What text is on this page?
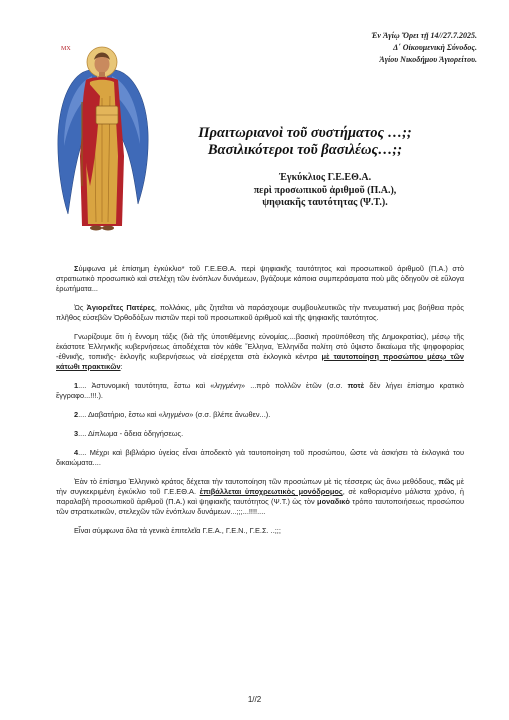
Ἐν Ἁγίῳ Ὄρει τῇ 14//27.7.2025.
Δ΄ Οἰκουμενικὴ Σύνοδος.
Ἁγίου Νικοδήμου Ἁγιορείτου.
ΜΧ
Πραιτωριανοὶ τοῦ συστήματος …;;
Βασιλικότεροι τοῦ βασιλέως…;;
Ἐγκύκλιος Γ.Ε.ΕΘ.Α.
περὶ προσωπικοῦ ἀριθμοῦ (Π.Α.),
ψηφιακῆς ταυτότητας (Ψ.Τ.).

Σύμφωνα μὲ ἐπίσημη ἐγκύκλιο* τοῦ Γ.Ε.ΕΘ.Α. περὶ ψηφιακῆς ταυτότητος καὶ προσωπικοῦ ἀριθμοῦ (Π.Α.) στὸ στρατιωτικὸ προσωπικὸ καὶ στελέχη τῶν ἐνόπλων δυνάμεων, βγάζουμε κάποια συμπεράσματα ποὺ μᾶς ὁδηγοῦν σὲ εὔλογα ἐρωτήματα...

Ὡς Ἁγιορεῖτες Πατέρες, πολλάκις, μᾶς ζητεῖται νὰ παράσχουμε συμβουλευτικῶς τὴν πνευματική μας βοήθεια πρὸς πλῆθος εὐσεβῶν Ὀρθοδόξων πιστῶν περὶ τοῦ προσωπικοῦ ἀριθμοῦ καὶ τῆς ψηφιακῆς ταυτότητος.

Γνωρίζουμε ὅτι ἡ ἔννομη τάξις (διὰ τῆς ὑποτιθέμενης εὐνομίας....βασικὴ προϋπόθεση τῆς Δημοκρατίας), μέσῳ τῆς ἑκάστοτε Ἑλληνικῆς κυβερνήσεως ἀποδέχεται τὸν κάθε Ἕλληνα, Ἑλληνίδα πολίτη στὸ ὕψιστο δικαίωμα τῆς ψηφοφορίας -ἐθνικῆς, τοπικῆς- ἐκλογῆς κυβερνήσεως νὰ εἰσέρχεται στὰ ἐκλογικὰ κέντρα μὲ ταυτοποίηση προσώπου μέσῳ τῶν κάτωθι πρακτικῶν:

1.... Ἀστυνομικὴ ταυτότητα, ἔστω καὶ «ληγμένη» ...πρὸ πολλῶν ἐτῶν (σ.σ. ποτὲ δὲν λήγει ἐπίσημο κρατικὸ ἔγγραφο...!!!.).

2.... Διαβατήριο, ἔστω καὶ «ληγμένο» (σ.σ. βλέπε ἄνωθεν...).

3.... Δίπλωμα - ἄδεια ὁδηγήσεως.

4.... Μέχρι καὶ βιβλιάριο ὑγείας εἶναι ἀποδεκτὸ γιὰ ταυτοποίηση τοῦ προσώπου, ὥστε νὰ ἀσκήσει τὰ ἐκλογικά του δικαιώματα....

Ἐὰν τὸ ἐπίσημο Ἑλληνικὸ κράτος δέχεται τὴν ταυτοποίηση τῶν προσώπων μὲ τὶς τέσσερις ὡς ἄνω μεθόδους, πῶς μὲ τὴν συγκεκριμένη ἐγκύκλιο τοῦ Γ.Ε.ΕΘ.Α. ἐπιβάλλεται ὑποχρεωτικὸς μονόδρομος, σὲ καθορισμένο μάλιστα χρόνο, ἡ παραλαβὴ προσωπικοῦ ἀριθμοῦ (Π.Α.) καὶ ψηφιακῆς ταυτότητος (Ψ.Τ.) ὡς τὸν μοναδικὸ τρόπο ταυτοποιήσεως προσώπου τῶν στρατιωτικῶν, στελεχῶν τῶν ἐνόπλων δυνάμεων...;;;...!!!!....

Εἶναι σύμφωνα ὅλα τὰ γενικὰ ἐπιτελεῖα Γ.Ε.Α., Γ.Ε.Ν., Γ.Ε.Σ. ..;;;

1//2
